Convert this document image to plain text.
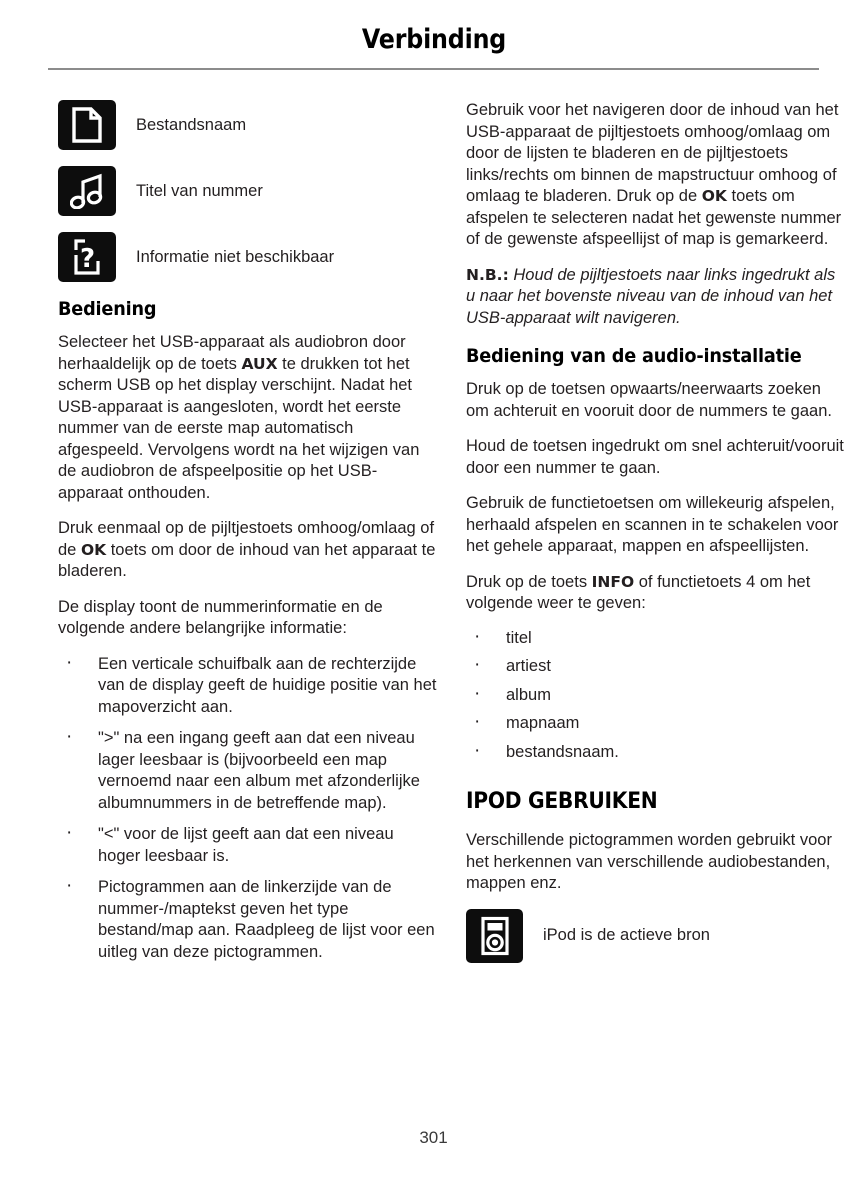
Verbinding
Bestandsnaam
Titel van nummer
? Informatie niet beschikbaar
Bediening

Selecteer het USB-apparaat als audiobron door herhaaldelijk op de toets AUX te drukken tot het scherm USB op het display verschijnt. Nadat het USB-apparaat is aangesloten, wordt het eerste nummer van de eerste map automatisch afgespeeld. Vervolgens wordt na het wijzigen van de audiobron de afspeelpositie op het USB-apparaat onthouden.

Druk eenmaal op de pijltjestoets omhoog/omlaag of de OK toets om door de inhoud van het apparaat te bladeren.

De display toont de nummerinformatie en de volgende andere belangrijke informatie:

· Een verticale schuifbalk aan de rechterzijde van de display geeft de huidige positie van het mapoverzicht aan.
· ">" na een ingang geeft aan dat een niveau lager leesbaar is (bijvoorbeeld een map vernoemd naar een album met afzonderlijke albumnummers in de betreffende map).
· "<" voor de lijst geeft aan dat een niveau hoger leesbaar is.
· Pictogrammen aan de linkerzijde van de nummer-/maptekst geven het type bestand/map aan. Raadpleeg de lijst voor een uitleg van deze pictogrammen.

Gebruik voor het navigeren door de inhoud van het USB-apparaat de pijltjestoets omhoog/omlaag om door de lijsten te bladeren en de pijltjestoets links/rechts om binnen de mapstructuur omhoog of omlaag te bladeren. Druk op de OK toets om afspelen te selecteren nadat het gewenste nummer of de gewenste afspeellijst of map is gemarkeerd.

N.B.: Houd de pijltjestoets naar links ingedrukt als u naar het bovenste niveau van de inhoud van het USB-apparaat wilt navigeren.

Bediening van de audio-installatie

Druk op de toetsen opwaarts/neerwaarts zoeken om achteruit en vooruit door de nummers te gaan.

Houd de toetsen ingedrukt om snel achteruit/vooruit door een nummer te gaan.

Gebruik de functietoetsen om willekeurig afspelen, herhaald afspelen en scannen in te schakelen voor het gehele apparaat, mappen en afspeellijsten.

Druk op de toets INFO of functietoets 4 om het volgende weer te geven:

· titel
· artiest
· album
· mapnaam
· bestandsnaam.
IPOD GEBRUIKEN

Verschillende pictogrammen worden gebruikt voor het herkennen van verschillende audiobestanden, mappen enz.

iPod is de actieve bron
301
